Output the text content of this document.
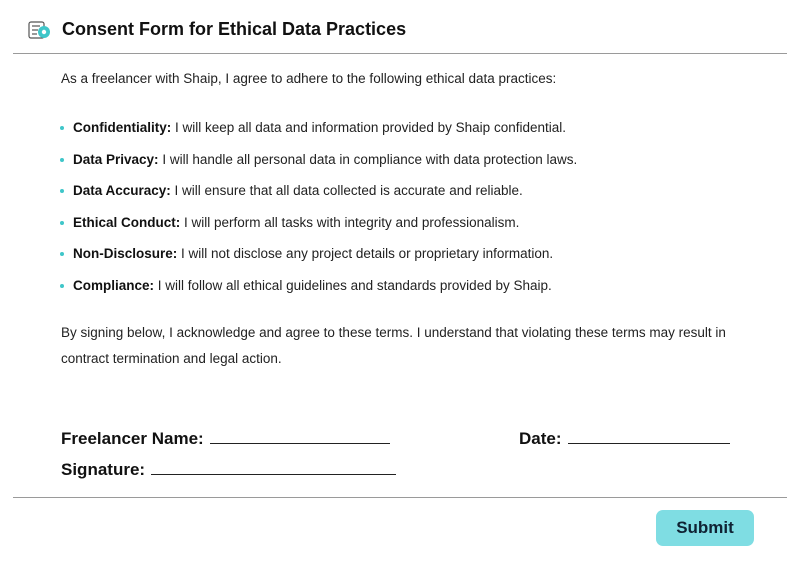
Consent Form for Ethical Data Practices
As a freelancer with Shaip, I agree to adhere to the following ethical data practices:
Confidentiality: I will keep all data and information provided by Shaip confidential.
Data Privacy: I will handle all personal data in compliance with data protection laws.
Data Accuracy: I will ensure that all data collected is accurate and reliable.
Ethical Conduct: I will perform all tasks with integrity and professionalism.
Non-Disclosure: I will not disclose any project details or proprietary information.
Compliance: I will follow all ethical guidelines and standards provided by Shaip.
By signing below, I acknowledge and agree to these terms. I understand that violating these terms may result in contract termination and legal action.
Freelancer Name:	Date:
Signature:
Submit
